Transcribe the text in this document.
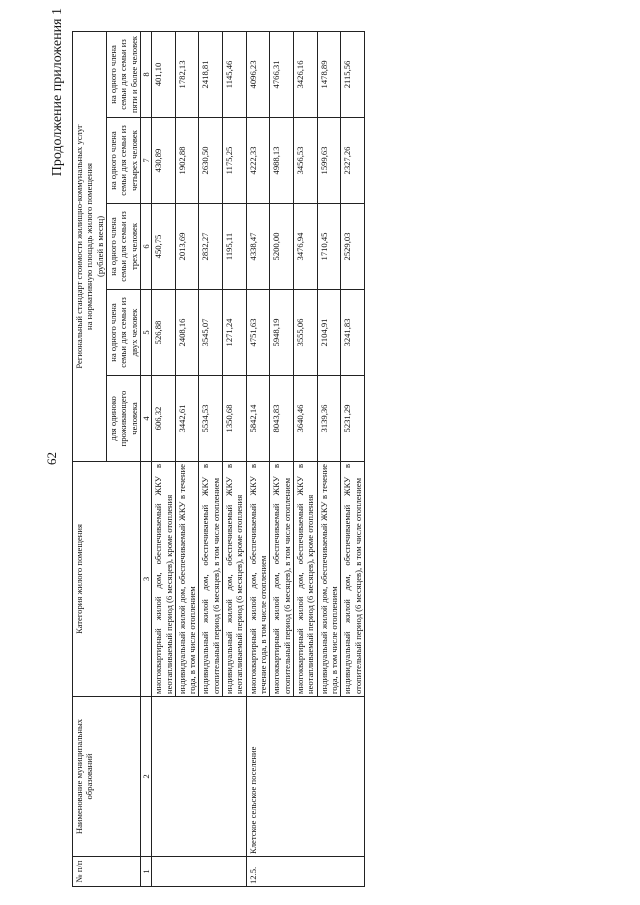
62
Продолжение приложения 1
№ п/п	Наименование муниципальных образований	Категория жилого помещения	Региональный стандарт стоимости жилищно-коммунальных услуг на нормативную площадь жилого помещения (рублей в месяц)				

			для одиноко проживающего человека	на одного члена семьи для семьи из двух человек	на одного члена семьи для семьи из трех человек	на одного члена семьи для семьи из четырех человек	на одного члена семьи для семьи из пяти и более человек
1	2	3	4	5	6	7	8
		многоквартирный жилой дом, обеспечиваемый ЖКУ в неотапливаемый период (6 месяцев), кроме отопления	606,32	526,88	450,75	430,89	401,10
		индивидуальный жилой дом, обеспечиваемый ЖКУ в течение года, в том числе отоплением	3442,61	2408,16	2013,69	1902,88	1782,13
		индивидуальный жилой дом, обеспечиваемый ЖКУ в отопительный период (6 месяцев), в том числе отоплением	5534,53	3545,07	2832,27	2630,50	2418,81
		индивидуальный жилой дом, обеспечиваемый ЖКУ в неотапливаемый период (6 месяцев), кроме отопления	1350,68	1271,24	1195,11	1175,25	1145,46
12.5.	Клетское сельское поселение	многоквартирный жилой дом, обеспечиваемый ЖКУ в течение года, в том числе отоплением	5842,14	4751,63	4338,47	4222,33	4096,23
		многоквартирный жилой дом, обеспечиваемый ЖКУ в отопительный период (6 месяцев), в том числе отоплением	8043,83	5948,19	5200,00	4988,13	4766,31
		многоквартирный жилой дом, обеспечиваемый ЖКУ в неотапливаемый период (6 месяцев), кроме отопления	3640,46	3555,06	3476,94	3456,53	3426,16
		индивидуальный жилой дом, обеспечиваемый ЖКУ в течение года, в том числе отоплением	3139,36	2104,91	1710,45	1599,63	1478,89
		индивидуальный жилой дом, обеспечиваемый ЖКУ в отопительный период (6 месяцев), в том числе отоплением	5231,29	3241,83	2529,03	2327,26	2115,56
